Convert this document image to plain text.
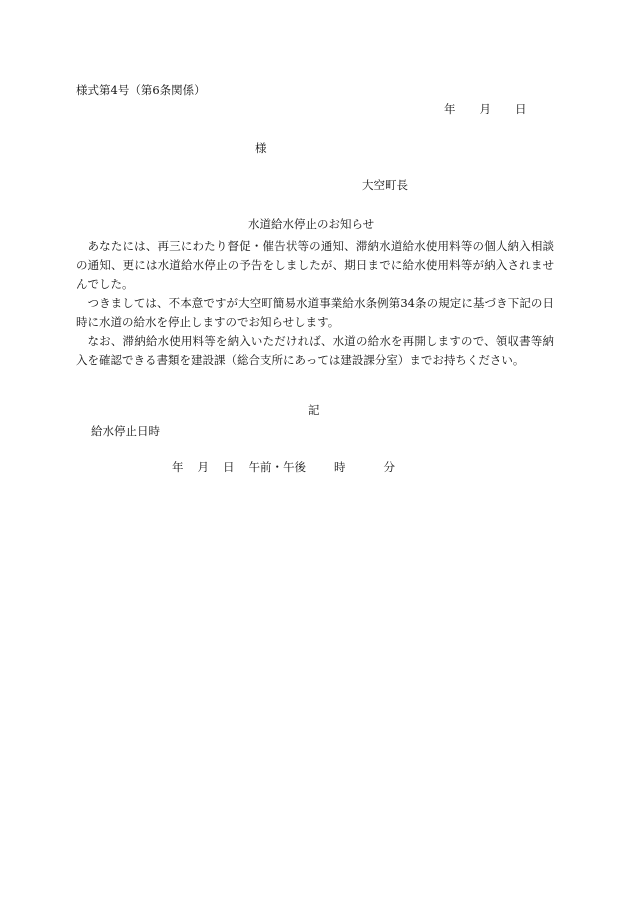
様式第4号（第6条関係）
年 月 日
様
大空町長
水道給水停止のお知らせ

あなたには、再三にわたり督促・催告状等の通知、滞納水道給水使用料等の個人納入相談の通知、更には水道給水停止の予告をしましたが、期日までに給水使用料等が納入されませんでした。

つきましては、不本意ですが大空町簡易水道事業給水条例第34条の規定に基づき下記の日時に水道の給水を停止しますのでお知らせします。

なお、滞納給水使用料等を納入いただければ、水道の給水を再開しますので、領収書等納入を確認できる書類を建設課（総合支所にあっては建設課分室）までお持ちください。

記
給水停止日時
年 月 日 午前・午後 時	分
